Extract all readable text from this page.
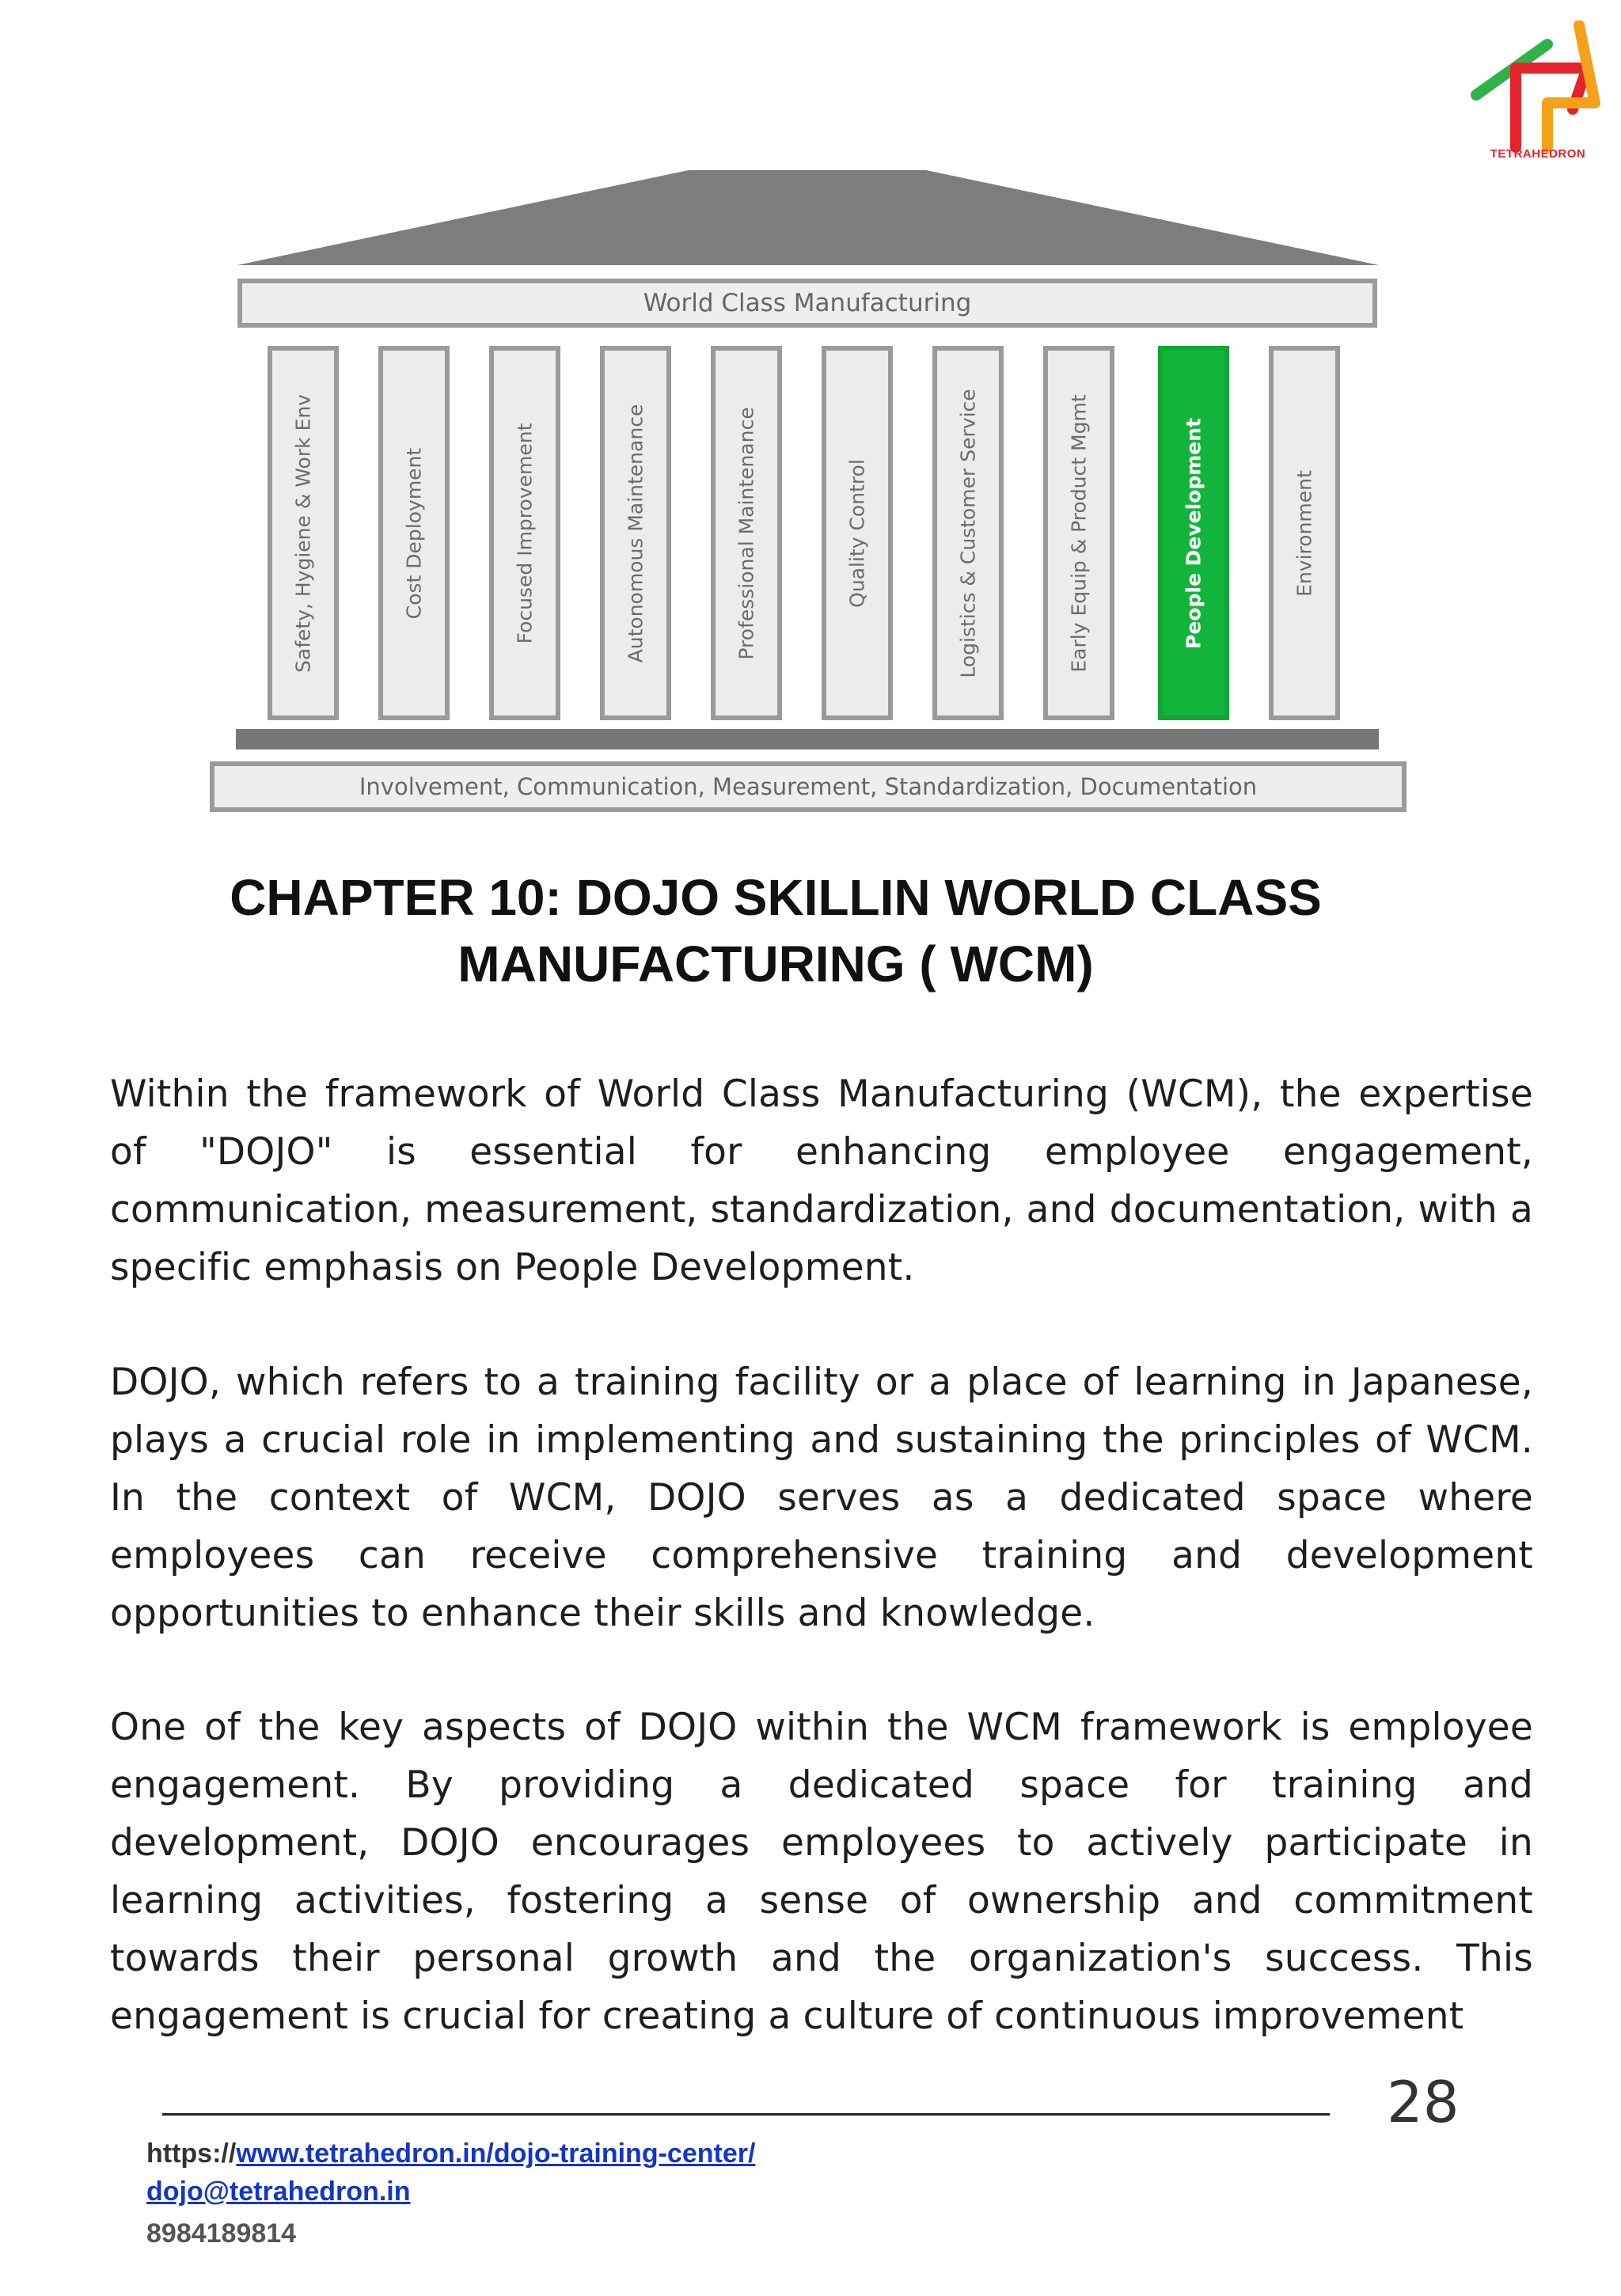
TETRAHEDRON
World Class Manufacturing
Safety, Hygiene & Work Env	Cost Deployment	Focused Improvement	Autonomous Maintenance	Professional Maintenance	Quality Control	Logistics & Customer Service	Early Equip & Product Mgmt	People Development	Environment
Involvement, Communication, Measurement, Standardization, Documentation
CHAPTER 10: DOJO SKILLIN WORLD CLASS
MANUFACTURING ( WCM)

Within the framework of World Class Manufacturing (WCM), the expertise of "DOJO" is essential for enhancing employee engagement, communication, measurement, standardization, and documentation, with a specific emphasis on People Development.

DOJO, which refers to a training facility or a place of learning in Japanese, plays a crucial role in implementing and sustaining the principles of WCM. In the context of WCM, DOJO serves as a dedicated space where employees can receive comprehensive training and development opportunities to enhance their skills and knowledge.

One of the key aspects of DOJO within the WCM framework is employee engagement. By providing a dedicated space for training and development, DOJO encourages employees to actively participate in learning activities, fostering a sense of ownership and commitment towards their personal growth and the organization's success. This engagement is crucial for creating a culture of continuous improvement

28
https://www.tetrahedron.in/dojo-training-center/
dojo@tetrahedron.in
8984189814
